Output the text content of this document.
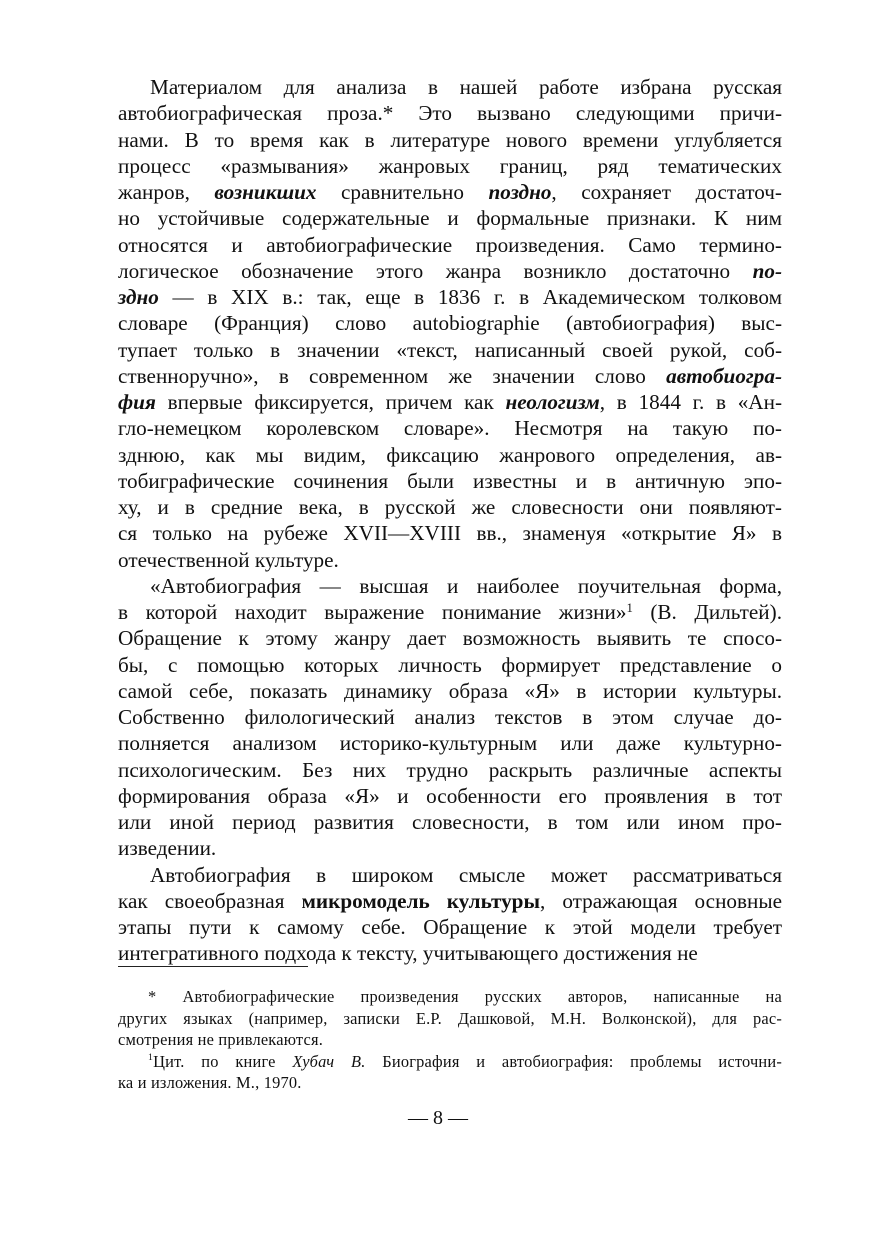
Материалом для анализа в нашей работе избрана русская
автобиографическая проза.* Это вызвано следующими причи-
нами. В то время как в литературе нового времени углубляется
процесс «размывания» жанровых границ, ряд тематических
жанров, возникших сравнительно поздно, сохраняет достаточ-
но устойчивые содержательные и формальные признаки. К ним
относятся и автобиографические произведения. Само термино-
логическое обозначение этого жанра возникло достаточно по-
здно — в XIX в.: так, еще в 1836 г. в Академическом толковом
словаре (Франция) слово autobiographie (автобиография) выс-
тупает только в значении «текст, написанный своей рукой, соб-
ственноручно», в современном же значении слово автобиогра-
фия впервые фиксируется, причем как неологизм, в 1844 г. в «Ан-
гло-немецком королевском словаре». Несмотря на такую по-
зднюю, как мы видим, фиксацию жанрового определения, ав-
тобиграфические сочинения были известны и в античную эпо-
ху, и в средние века, в русской же словесности они появляют-
ся только на рубеже XVII—XVIII вв., знаменуя «открытие Я» в
отечественной культуре.
«Автобиография — высшая и наиболее поучительная форма,
в которой находит выражение понимание жизни»$^1$ (В. Дильтей).
Обращение к этому жанру дает возможность выявить те спосо-
бы, с помощью которых личность формирует представление о
самой себе, показать динамику образа «Я» в истории культуры.
Собственно филологический анализ текстов в этом случае до-
полняется анализом историко-культурным или даже культурно-
психологическим. Без них трудно раскрыть различные аспекты
формирования образа «Я» и особенности его проявления в тот
или иной период развития словесности, в том или ином про-
изведении.
Автобиография в широком смысле может рассматриваться
как своеобразная микромодель культуры, отражающая основные
этапы пути к самому себе. Обращение к этой модели требует
интегративного подхода к тексту, учитывающего достижения не
* Автобиографические произведения русских авторов, написанные на
других языках (например, записки Е.Р. Дашковой, М.Н. Волконской), для рас-
смотрения не привлекаются.
$^1$Цит. по книге Хубач В. Биография и автобиография: проблемы источни-
ка и изложения. М., 1970.
— 8 —
